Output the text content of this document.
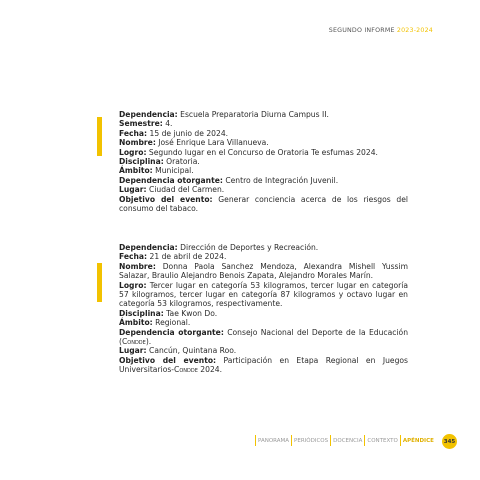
SEGUNDO INFORME 2023-2024
Dependencia: Escuela Preparatoria Diurna Campus II.
Semestre: 4.
Fecha: 15 de junio de 2024.
Nombre: José Enrique Lara Villanueva.
Logro: Segundo lugar en el Concurso de Oratoria Te esfumas 2024.
Disciplina: Oratoria.
Ámbito: Municipal.
Dependencia otorgante: Centro de Integración Juvenil.
Lugar: Ciudad del Carmen.
Objetivo del evento: Generar conciencia acerca de los riesgos del consumo del tabaco.
Dependencia: Dirección de Deportes y Recreación.
Fecha: 21 de abril de 2024.
Nombre: Donna Paola Sanchez Mendoza, Alexandra Mishell Yussim Salazar, Braulio Alejandro Benois Zapata, Alejandro Morales Marín.
Logro: Tercer lugar en categoría 53 kilogramos, tercer lugar en categoría 57 kilogramos, tercer lugar en categoría 87 kilogramos y octavo lugar en categoría 53 kilogramos, respectivamente.
Disciplina: Tae Kwon Do.
Ámbito: Regional.
Dependencia otorgante: Consejo Nacional del Deporte de la Educación (Condde).
Lugar: Cancún, Quintana Roo.
Objetivo del evento: Participación en Etapa Regional en Juegos Universitarios-Condde 2024.
PANORAMA PERIÓDICOS DOCENCIA CONTEXTO APÉNDICE	345
